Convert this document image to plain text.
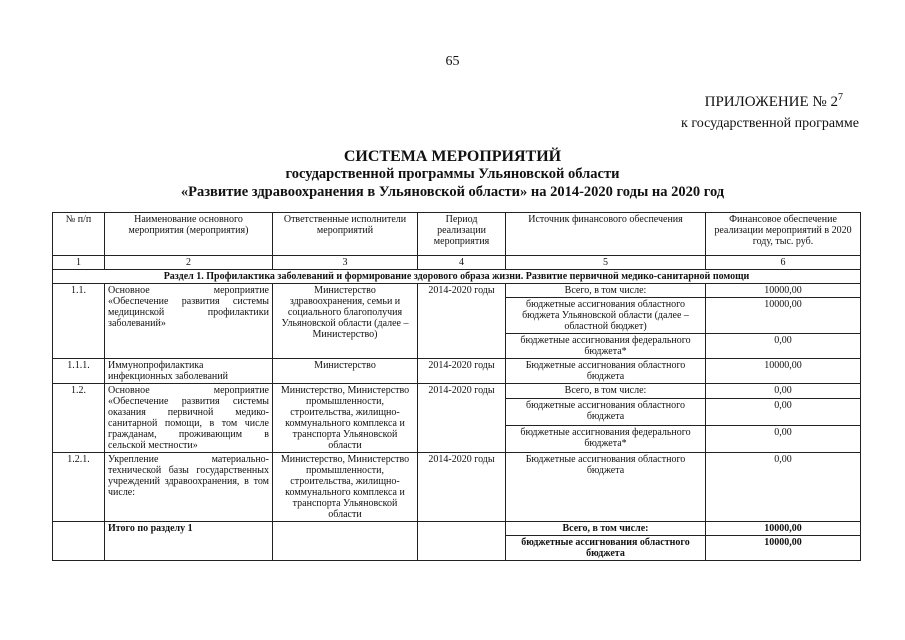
65
ПРИЛОЖЕНИЕ № $2^7$
к государственной программе
СИСТЕМА МЕРОПРИЯТИЙ
государственной программы Ульяновской области
«Развитие здравоохранения в Ульяновской области» на 2014-2020 годы на 2020 год
№ п/п	Наименование основного мероприятия (мероприятия)	Ответственные исполнители мероприятий	Период реализации мероприятия	Источник финансового обеспечения	Финансовое обеспечение реализации мероприятий в 2020 году, тыс. руб.
1	2	3	4	5	6
Раздел 1. Профилактика заболеваний и формирование здорового образа жизни. Развитие первичной медико-санитарной помощи					
1.1.	Основное мероприятие «Обеспечение развития системы медицинской профилактики заболеваний»	Министерство здравоохранения, семьи и социального благополучия Ульяновской области (далее – Министерство)	2014-2020 годы	Всего, в том числе:	10000,00
				бюджетные ассигнования областного бюджета Ульяновской области (далее – областной бюджет)	10000,00
				бюджетные ассигнования федерального бюджета*	0,00
1.1.1.	Иммунопрофилактика инфекционных заболеваний	Министерство	2014-2020 годы	Бюджетные ассигнования областного бюджета	10000,00
1.2.	Основное мероприятие «Обеспечение развития системы оказания первичной медико-санитарной помощи, в том числе гражданам, проживающим в сельской местности»	Министерство, Министерство промышленности, строительства, жилищно-коммунального комплекса и транспорта Ульяновской области	2014-2020 годы	Всего, в том числе:	0,00
				бюджетные ассигнования областного бюджета	0,00
				бюджетные ассигнования федерального бюджета*	0,00
1.2.1.	Укрепление материально-технической базы государственных учреждений здравоохранения, в том числе:	Министерство, Министерство промышленности, строительства, жилищно-коммунального комплекса и транспорта Ульяновской области	2014-2020 годы	Бюджетные ассигнования областного бюджета	0,00
	Итого по разделу 1			Всего, в том числе:	10000,00
				бюджетные ассигнования областного бюджета	10000,00
